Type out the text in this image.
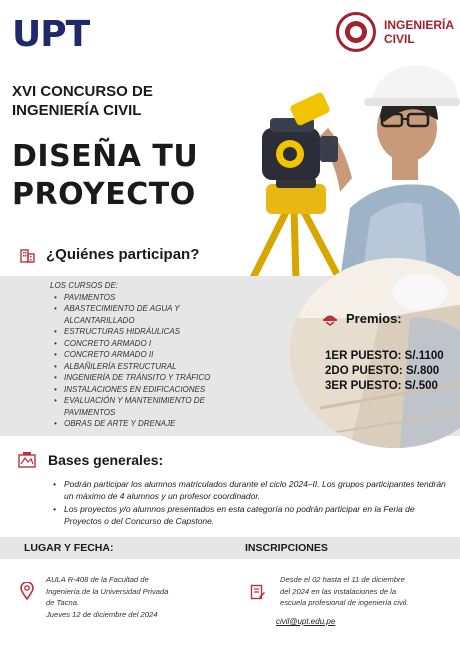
UPT	INGENIERÍA
CIVIL
XVI CONCURSO DE
INGENIERÍA CIVIL
DISEÑA TU
PROYECTO
¿Quiénes participan?
LOS CURSOS DE:
• PAVIMENTOS
• ABASTECIMIENTO DE AGUA Y ALCANTARILLADO
• ESTRUCTURAS HIDRÁULICAS
• CONCRETO ARMADO I
• CONCRETO ARMADO II
• ALBAÑILERÍA ESTRUCTURAL
• INGENIERÍA DE TRÁNSITO Y TRÁFICO
• INSTALACIONES EN EDIFICACIONES
• EVALUACIÓN Y MANTENIMIENTO DE PAVIMENTOS
• OBRAS DE ARTE Y DRENAJE
Premios:
1ER PUESTO: S/.1100
2DO PUESTO: S/.800
3ER PUESTO: S/.500
Bases generales:
• Podrán participar los alumnos matriculados durante el ciclo 2024–II. Los grupos participantes tendrán un máximo de 4 alumnos y un profesor coordinador.
• Los proyectos y/o alumnos presentados en esta categoría no podrán participar en la Feria de Proyectos o del Concurso de Capstone.
LUGAR Y FECHA:	INSCRIPCIONES
AULA R-408 de la Facultad de
Ingeniería de la Universidad Privada
de Tacna.
Jueves 12 de diciembre del 2024
Desde el 02 hasta el 11 de diciembre
del 2024 en las instalaciones de la
escuela profesional de ingeniería civil.
civil@upt.edu.pe
